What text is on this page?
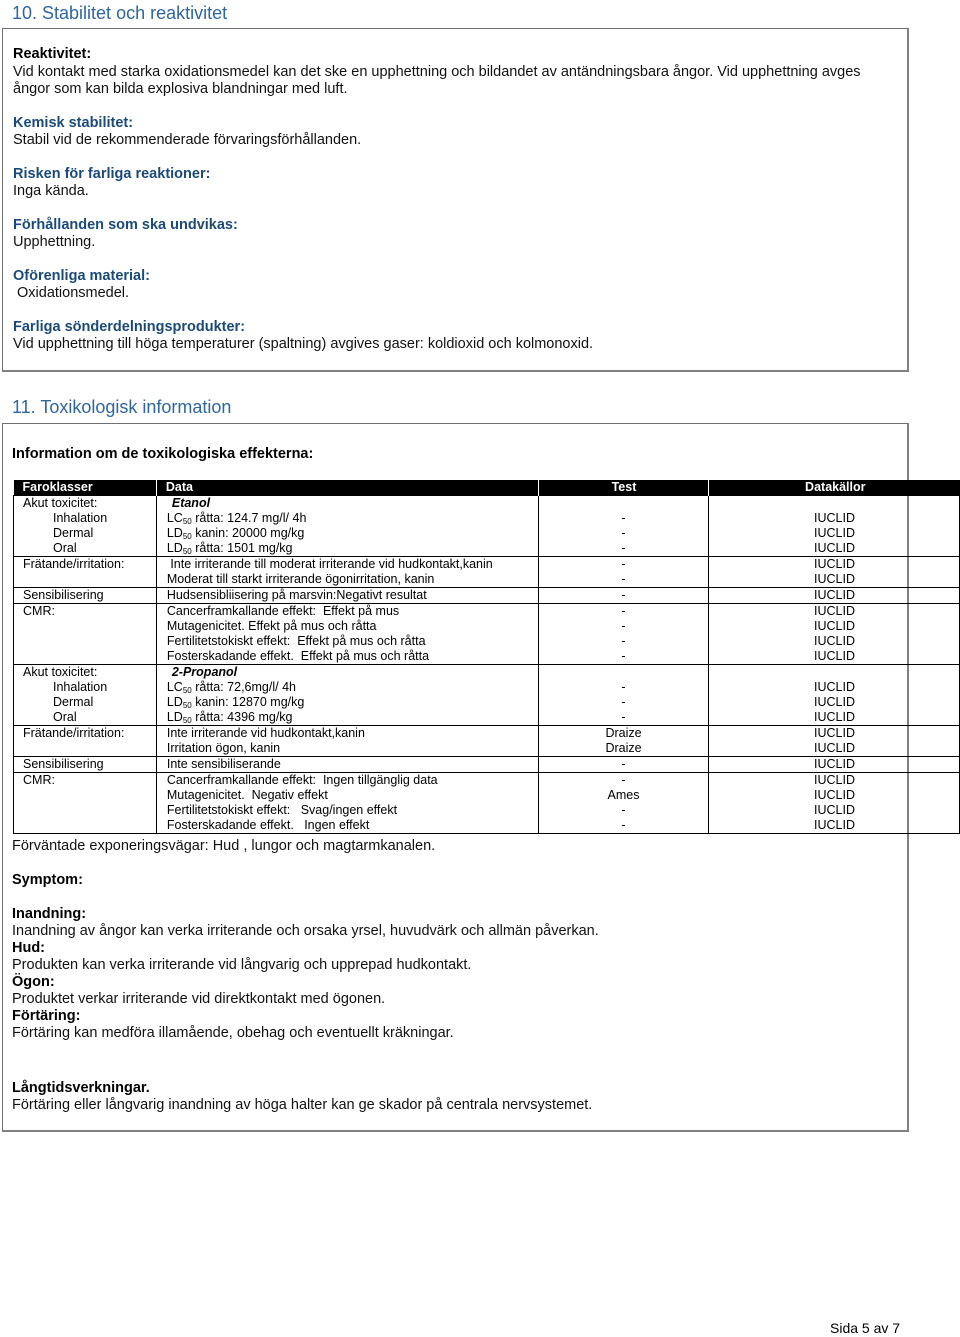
10. Stabilitet och reaktivitet
Reaktivitet:
Vid kontakt med starka oxidationsmedel kan det ske en upphettning och bildandet av antändningsbara ångor. Vid upphettning avges
ångor som kan bilda explosiva blandningar med luft.
Kemisk stabilitet:
Stabil vid de rekommenderade förvaringsförhållanden.
Risken för farliga reaktioner:
Inga kända.
Förhållanden som ska undvikas:
Upphettning.
Oförenliga material:
Oxidationsmedel.
Farliga sönderdelningsprodukter:
Vid upphettning till höga temperaturer (spaltning) avgives gaser: koldioxid och kolmonoxid.
11. Toxikologisk information
Information om de toxikologiska effekterna:
Faroklasser	Data	Test	Datakällor
Akut toxicitet:	Etanol		
Inhalation	$LC_{50}$ råtta: 124.7 mg/l/ 4h	-	IUCLID
Dermal	$LD_{50}$ kanin: 20000 mg/kg	-	IUCLID
Oral	$LD_{50}$ råtta: 1501 mg/kg	-	IUCLID
Frätande/irritation:	Inte irriterande till moderat irriterande vid hudkontakt,kanin	-	IUCLID
	Moderat till starkt irriterande ögonirritation, kanin	-	IUCLID
Sensibilisering	Hudsensibliisering på marsvin:Negativt resultat	-	IUCLID
CMR:	Cancerframkallande effekt:  Effekt på mus	-	IUCLID
	Mutagenicitet. Effekt på mus och råtta	-	IUCLID
	Fertilitetstokiskt effekt:  Effekt på mus och råtta	-	IUCLID
	Fosterskadande effekt.  Effekt på mus och råtta	-	IUCLID
Akut toxicitet:	2-Propanol		
Inhalation	$LC_{50}$ råtta: 72,6mg/l/ 4h	-	IUCLID
Dermal	$LD_{50}$ kanin: 12870 mg/kg	-	IUCLID
Oral	$LD_{50}$ råtta: 4396 mg/kg	-	IUCLID
Frätande/irritation:	Inte irriterande vid hudkontakt,kanin	Draize	IUCLID
	Irritation ögon, kanin	Draize	IUCLID
Sensibilisering	Inte sensibiliserande	-	IUCLID
CMR:	Cancerframkallande effekt:  Ingen tillgänglig data	-	IUCLID
	Mutagenicitet.  Negativ effekt	Ames	IUCLID
	Fertilitetstokiskt effekt:   Svag/ingen effekt	-	IUCLID
	Fosterskadande effekt.   Ingen effekt	-	IUCLID
Förväntade exponeringsvägar: Hud , lungor och magtarmkanalen.
Symptom:
Inandning:
Inandning av ångor kan verka irriterande och orsaka yrsel, huvudvärk och allmän påverkan.
Hud:
Produkten kan verka irriterande vid långvarig och upprepad hudkontakt.
Ögon:
Produktet verkar irriterande vid direktkontakt med ögonen.
Förtäring:
Förtäring kan medföra illamående, obehag och eventuellt kräkningar.
Långtidsverkningar.
Förtäring eller långvarig inandning av höga halter kan ge skador på centrala nervsystemet.
Sida 5 av 7
